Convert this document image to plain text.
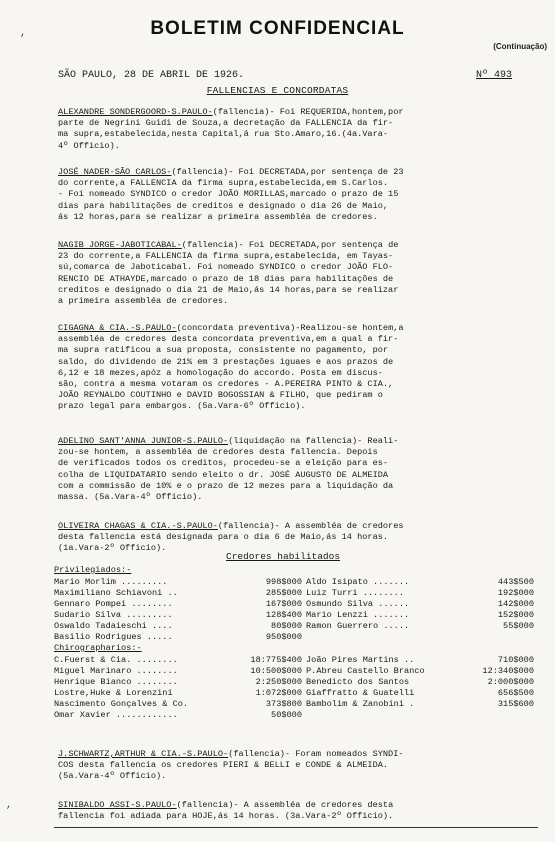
BOLETIM CONFIDENCIAL
(Continuação)
SÃO PAULO, 28 DE ABRIL DE 1926.	Nº 493
FALLENCIAS E CONCORDATAS
ALEXANDRE SONDERGOORD-S.PAULO-(fallencia)- Foi REQUERIDA,hontem,por
parte de Negrini Guidi de Souza,a decretação da FALLENCIA da fir-
ma supra,estabelecida,nesta Capital,á rua Sto.Amaro,16.(4a.Vara-
4º Officio).
JOSÉ NADER-SÃO CARLOS-(fallencia)- Foi DECRETADA,por sentença de 23
do corrente,a FALLENCIA da firma supra,estabelecida,em S.Carlos.
- Foi nomeado SYNDICO o credor JOÃO MORILLAS,marcado o prazo de 15
dias para habilitações de creditos e designado o dia 26 de Maio,
ás 12 horas,para se realizar a primeira assembléa de credores.
NAGIB JORGE-JABOTICABAL-(fallencia)- Foi DECRETADA,por sentença de
23 do corrente,a FALLENCIA da firma supra,estabelecida, em Tayas-
sú,comarca de Jaboticabal. Foi nomeado SYNDICO o credor JOÃO FLO-
RENCIO DE ATHAYDE,marcado o prazo de 18 dias para habilitações de
creditos e designado o dia 21 de Maio,ás 14 horas,para se realizar
a primeira assembléa de credores.
CIGAGNA & CIA.-S.PAULO-(concordata preventiva)-Realizou-se hontem,a
assembléa de credores desta concordata preventiva,em a qual a fir-
ma supra ratificou a sua proposta, consistente no pagamento, por
saldo, do dividendo de 21% em 3 prestações iguaes e aos prazos de
6,12 e 18 mezes,apóz a homologação do accordo. Posta em discus-
são, contra a mesma votaram os credores - A.PEREIRA PINTO & CIA.,
JOÃO REYNALDO COUTINHO e DAVID BOGOSSIAN & FILHO, que pediram o
prazo legal para embargos. (5a.Vara-6º Officio).
ADELINO SANT'ANNA JUNIOR-S.PAULO-(liquidação na fallencia)- Reali-
zou-se hontem, a assembléa de credores desta fallencia. Depois
de verificados todos os creditos, procedeu-se a eleição para es-
colha de LIQUIDATARIO sendo eleito o dr. JOSÉ AUGUSTO DE ALMEIDA
com a commissão de 10% e o prazo de 12 mezes para a liquidação da
massa. (5a.Vara-4º Officio).
OLIVEIRA CHAGAS & CIA.-S.PAULO-(fallencia)- A assembléa de credores
desta fallencia está designada para o dia 6 de Maio,ás 14 horas.
(1a.Vara-2º Officio).
Credores habilitados
Privilegiados:-
Mario Morlim .........	998$000 Aldo Isipato .......	443$500
Maximiliano Schiavoni ..	285$000 Luiz Turri ........	192$000
Gennaro Pompei ........	167$000 Osmundo Silva ......	142$000
Sudario Silva .........	128$400 Mario Lenzzi .......	152$000
Oswaldo Tadaieschi ....	80$000 Ramon Guerrero .....	55$000
Basilio Rodrigues .....	950$000
Chirographarios:-
C.Fuerst & Cia. ........	18:775$400 João Pires Martins ..	710$000
Miguel Marinaro ........	10:500$000 P.Abreu Castello Branco	12:340$000
Henrique Bianco ........	2:250$000 Benedicto dos Santos	2:000$000
Lostre,Huke & Lorenzini	1:072$000 Giaffratto & Guatelli	656$500
Nascimento Gonçalves & Co.	373$800 Bambolim & Zanobini .	315$600
Omar Xavier ............	50$000
J.SCHWARTZ,ARTHUR & CIA.-S.PAULO-(fallencia)- Foram nomeados SYNDI-
COS desta fallencia os credores PIERI & BELLI e CONDE & ALMEIDA.
(5a.Vara-4º Officio).
SINIBALDO ASSI-S.PAULO-(fallencia)- A assembléa de credores desta
fallencia foi adiada para HOJE,ás 14 horas. (3a.Vara-2º Officio).
,
,
